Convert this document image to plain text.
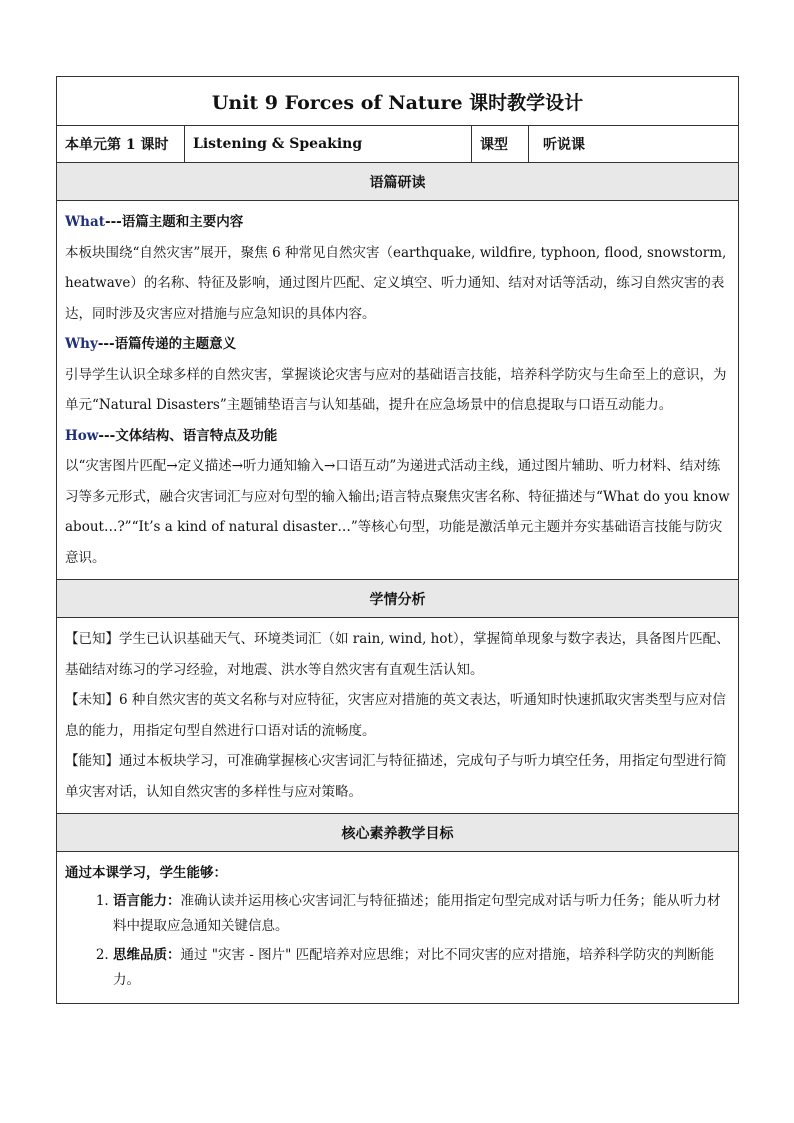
Unit 9 Forces of Nature 课时教学设计
本单元第 1 课时	Listening & Speaking	课型	听说课
语篇研读

What---语篇主题和主要内容

本板块围绕“自然灾害”展开，聚焦 6 种常见自然灾害（earthquake, wildfire, typhoon, flood, snowstorm, heatwave）的名称、特征及影响，通过图片匹配、定义填空、听力通知、结对对话等活动，练习自然灾害的表达，同时涉及灾害应对措施与应急知识的具体内容。

Why---语篇传递的主题意义

引导学生认识全球多样的自然灾害，掌握谈论灾害与应对的基础语言技能，培养科学防灾与生命至上的意识，为单元“Natural Disasters”主题铺垫语言与认知基础，提升在应急场景中的信息提取与口语互动能力。

How---文体结构、语言特点及功能

以“灾害图片匹配→定义描述→听力通知输入→口语互动”为递进式活动主线，通过图片辅助、听力材料、结对练习等多元形式，融合灾害词汇与应对句型的输入输出;语言特点聚焦灾害名称、特征描述与“What do you know about…?”“It’s a kind of natural disaster…”等核心句型，功能是激活单元主题并夯实基础语言技能与防灾意识。

学情分析

【已知】学生已认识基础天气、环境类词汇（如 rain, wind, hot），掌握简单现象与数字表达，具备图片匹配、基础结对练习的学习经验，对地震、洪水等自然灾害有直观生活认知。

【未知】6 种自然灾害的英文名称与对应特征，灾害应对措施的英文表达，听通知时快速抓取灾害类型与应对信息的能力，用指定句型自然进行口语对话的流畅度。

【能知】通过本板块学习，可准确掌握核心灾害词汇与特征描述，完成句子与听力填空任务，用指定句型进行简单灾害对话，认知自然灾害的多样性与应对策略。

核心素养教学目标

通过本课学习，学生能够：

1. 语言能力：准确认读并运用核心灾害词汇与特征描述；能用指定句型完成对话与听力任务；能从听力材料中提取应急通知关键信息。
2. 思维品质：通过 "灾害 - 图片" 匹配培养对应思维；对比不同灾害的应对措施，培养科学防灾的判断能力。
